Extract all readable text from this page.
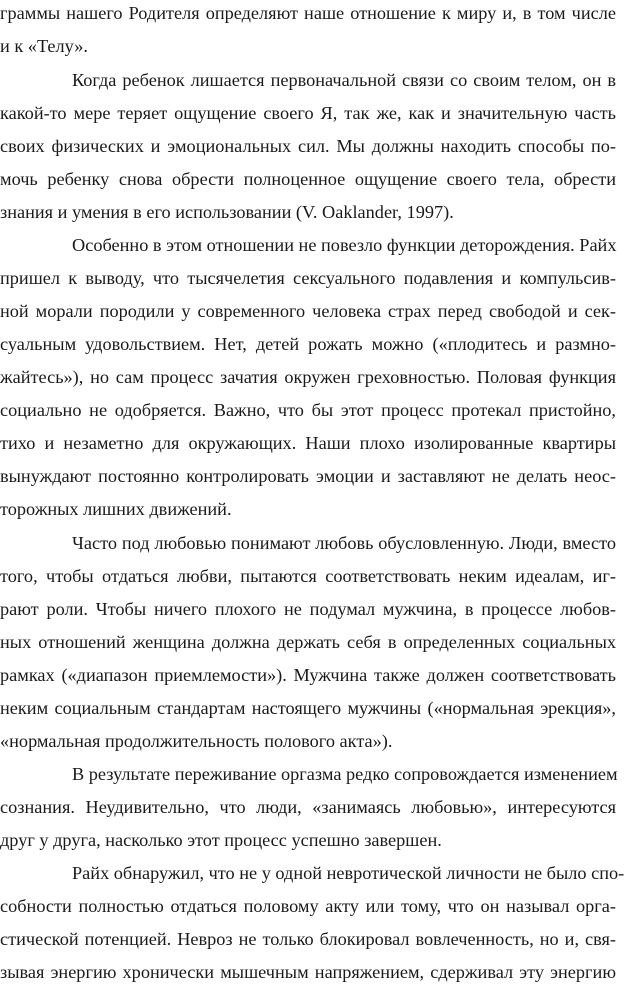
граммы нашего Родителя определяют наше отношение к миру и, в том числе
и к «Телу».
Когда ребенок лишается первоначальной связи со своим телом, он в
какой-то мере теряет ощущение своего Я, так же, как и значительную часть
своих физических и эмоциональных сил. Мы должны находить способы по-
мочь ребенку снова обрести полноценное ощущение своего тела, обрести
знания и умения в его использовании (V. Oaklander, 1997).
Особенно в этом отношении не повезло функции деторождения. Райх
пришел к выводу, что тысячелетия сексуального подавления и компульсив-
ной морали породили у современного человека страх перед свободой и сек-
суальным удовольствием. Нет, детей рожать можно («плодитесь и размно-
жайтесь»), но сам процесс зачатия окружен греховностью. Половая функция
социально не одобряется. Важно, что бы этот процесс протекал пристойно,
тихо и незаметно для окружающих. Наши плохо изолированные квартиры
вынуждают постоянно контролировать эмоции и заставляют не делать неос-
торожных лишних движений.
Часто под любовью понимают любовь обусловленную. Люди, вместо
того, чтобы отдаться любви, пытаются соответствовать неким идеалам, иг-
рают роли. Чтобы ничего плохого не подумал мужчина, в процессе любов-
ных отношений женщина должна держать себя в определенных социальных
рамках («диапазон приемлемости»). Мужчина также должен соответствовать
неким социальным стандартам настоящего мужчины («нормальная эрекция»,
«нормальная продолжительность полового акта»).
В результате переживание оргазма редко сопровождается изменением
сознания. Неудивительно, что люди, «занимаясь любовью», интересуются
друг у друга, насколько этот процесс успешно завершен.
Райх обнаружил, что не у одной невротической личности не было спо-
собности полностью отдаться половому акту или тому, что он называл орга-
стической потенцией. Невроз не только блокировал вовлеченность, но и, свя-
зывая энергию хронически мышечным напряжением, сдерживал эту энергию
